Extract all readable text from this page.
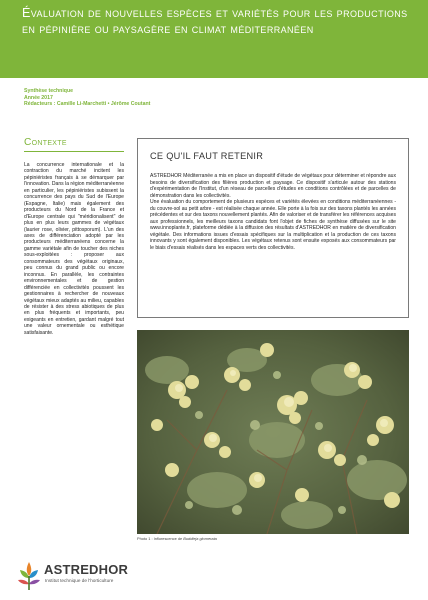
Évaluation de nouvelles espèces et variétés pour les productions en pépinière ou paysagère en climat méditerranéen
Synthèse technique
Année 2017
Rédacteurs : Camille Li-Marchetti • Jérôme Coutant
Contexte
La concurrence internationale et la contraction du marché incitent les pépiniéristes français à se démarquer par l'innovation. Dans la région méditerranéenne en particulier, les pépiniéristes subissent la concurrence des pays du Sud de l'Europe (Espagne, Italie) mais également des producteurs du Nord de la France et d'Europe centrale qui "méridionalisent" de plus en plus leurs gammes de végétaux (laurier rose, olivier, pittosporum). L'un des axes de différenciation adopté par les producteurs méditerranéens concerne la gamme variétale afin de toucher des niches sous-exploitées : proposer aux consommateurs des végétaux originaux, peu connus du grand public ou encore inconnus. En parallèle, les contraintes environnementales et de gestion différenciée en collectivités poussent les gestionnaires à rechercher de nouveaux végétaux mieux adaptés au milieu, capables de résister à des stress abiotiques de plus en plus fréquents et importants, peu exigeants en entretien, gardant malgré tout une valeur ornementale ou esthétique satisfaisante.
CE QU'IL FAUT RETENIR

ASTREDHOR Méditerranée a mis en place un dispositif d'étude de végétaux pour déterminer et répondre aux besoins de diversification des filières production et paysage. Ce dispositif s'articule autour des stations d'expérimentation de l'Institut, d'un réseau de parcelles d'études en conditions contrôlées et de parcelles de démonstration dans les collectivités.

Une évaluation du comportement de plusieurs espèces et variétés élevées en conditions méditerranéennes - du couvre-sol au petit arbre - est réalisée chaque année. Elle porte à la fois sur des taxons plantés les années précédentes et sur des taxons nouvellement plantés. Afin de valoriser et de transférer les références acquises aux professionnels, les meilleurs taxons candidats font l'objet de fiches de synthèse diffusées sur le site www.innoplante.fr, plateforme dédiée à la diffusion des résultats d'ASTREDHOR en matière de diversification végétale. Des informations issues d'essais spécifiques sur la multiplication et la production de ces taxons innovants y sont également disponibles. Les végétaux retenus sont ensuite exposés aux consommateurs par le biais d'essais réalisés dans les espaces verts des collectivités.

Photo 1 : Inflorescence de Buddleja glomerata
ASTREDHOR
Institut technique de l'horticulture
